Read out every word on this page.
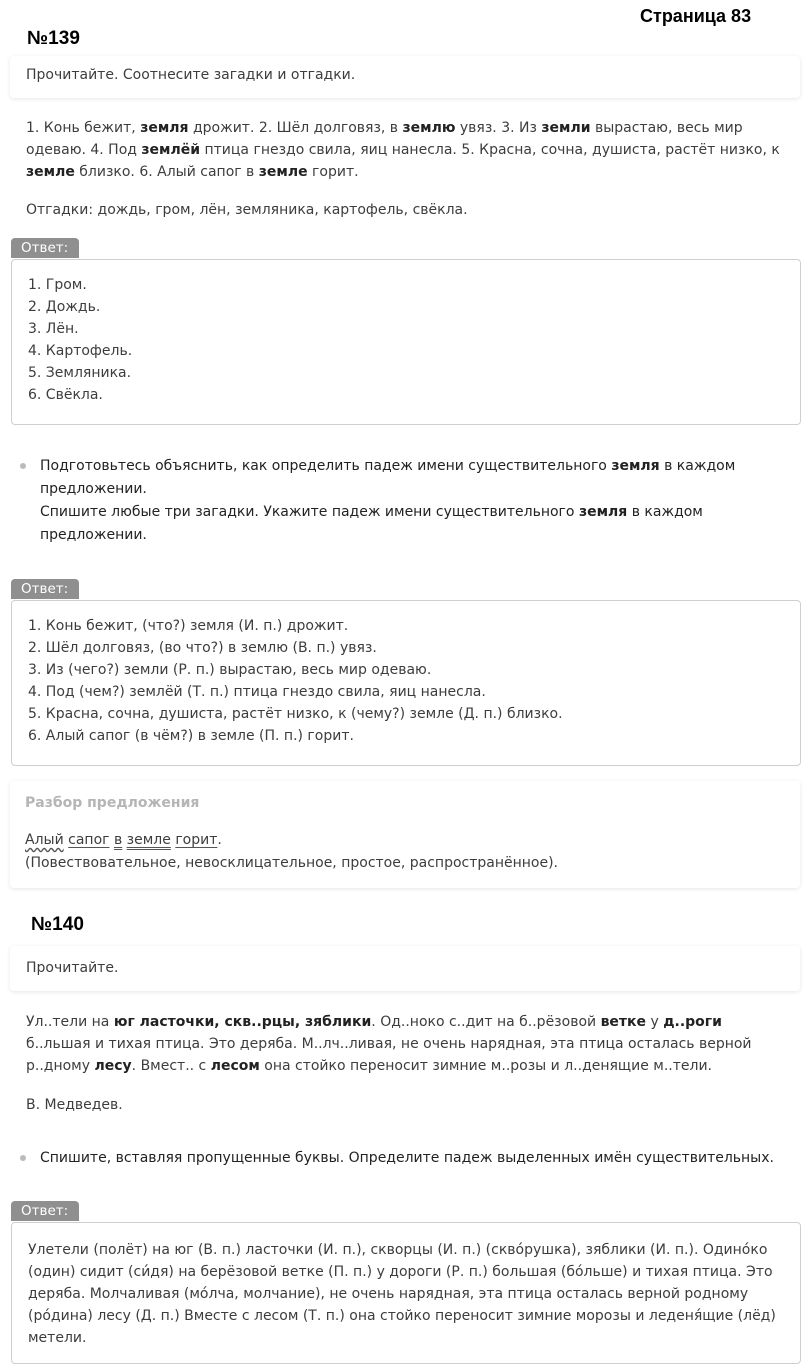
Страница 83
№139
Прочитайте. Соотнесите загадки и отгадки.
1. Конь бежит, земля дрожит. 2. Шёл долговяз, в землю увяз. 3. Из земли вырастаю, весь мир одеваю. 4. Под землёй птица гнездо свила, яиц нанесла. 5. Красна, сочна, душиста, растёт низко, к земле близко. 6. Алый сапог в земле горит.
Отгадки: дождь, гром, лён, земляника, картофель, свёкла.
Ответ:
1. Гром.
2. Дождь.
3. Лён.
4. Картофель.
5. Земляника.
6. Свёкла.
Подготовьтесь объяснить, как определить падеж имени существительного земля в каждом предложении.
Спишите любые три загадки. Укажите падеж имени существительного земля в каждом предложении.
Ответ:
1. Конь бежит, (что?) земля (И. п.) дрожит.
2. Шёл долговяз, (во что?) в землю (В. п.) увяз.
3. Из (чего?) земли (Р. п.) вырастаю, весь мир одеваю.
4. Под (чем?) землёй (Т. п.) птица гнездо свила, яиц нанесла.
5. Красна, сочна, душиста, растёт низко, к (чему?) земле (Д. п.) близко.
6. Алый сапог (в чём?) в земле (П. п.) горит.
Разбор предложения
Алый сапог в земле горит.
(Повествовательное, невосклицательное, простое, распространённое).
№140
Прочитайте.
Ул..тели на юг ласточки, скв..рцы, зяблики. Од..ноко с..дит на б..рёзовой ветке у д..роги б..льшая и тихая птица. Это деряба. М..лч..ливая, не очень нарядная, эта птица осталась верной р..дному лесу. Вмест.. с лесом она стойко переносит зимние м..розы и л..денящие м..тели.
В. Медведев.
Спишите, вставляя пропущенные буквы. Определите падеж выделенных имён существительных.
Ответ:
Улетели (полёт) на юг (В. п.) ласточки (И. п.), скворцы (И. п.) (скво́рушка), зяблики (И. п.). Одино́ко (один) сидит (си́дя) на берёзовой ветке (П. п.) у дороги (Р. п.) большая (бо́льше) и тихая птица. Это деряба. Молчаливая (мо́лча, молчание), не очень нарядная, эта птица осталась верной родному (ро́дина) лесу (Д. п.) Вместе с лесом (Т. п.) она стойко переносит зимние морозы и леденя́щие (лёд) метели.
